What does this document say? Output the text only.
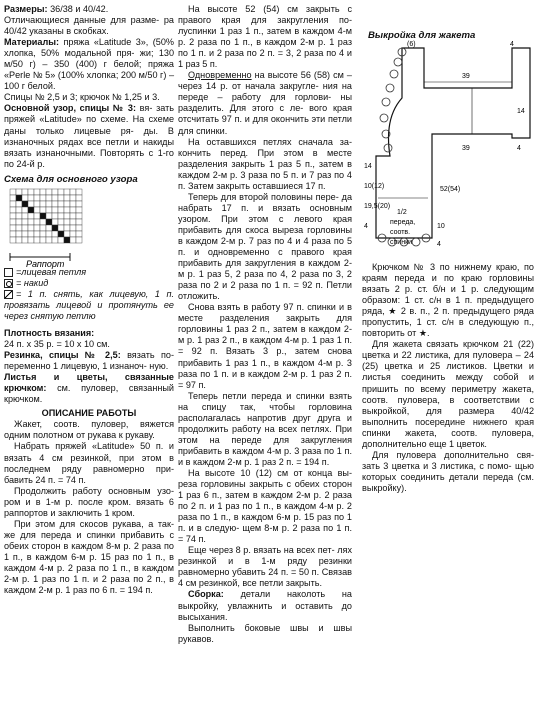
Размеры: 36/38 и 40/42.

Отличающиеся данные для разме- ра 40/42 указаны в скобках.

Материалы: пряжа «Latitude 3», (50% хлопка, 50% модальной пря- жи; 130 м/50 г) – 350 (400) г белой; пряжа «Perle № 5» (100% хлопка; 200 м/50 г) – 100 г белой.

Спицы № 2,5 и 3; крючок № 1,25 и 3.

Основной узор, спицы № 3: вя- зать пряжей «Latitude» по схеме. На схеме даны только лицевые ря- ды. В изнаночных рядах все петли и накиды вязать изнаночными. Повторять с 1-го по 24-й р.

Схема для основного узора
Раппорт
=лицевая петля
= накид

= 1 п. снять, как лицевую, 1 п. провязать лицевой и протянуть ее через снятую петлю

Плотность вязания:

24 п. х 35 р. = 10 х 10 см.

Резинка, спицы № 2,5: вязать по- переменно 1 лицевую, 1 изнаноч- ную.

Листья и цветы, связанные крючком: см. пуловер, связанный крючком.

ОПИСАНИЕ РАБОТЫ

Жакет, соотв. пуловер, вяжется одним полотном от рукава к рукаву.

Набрать пряжей «Latitude» 50 п. и вязать 4 см резинкой, при этом в последнем ряду равномерно при- бавить 24 п. = 74 п.

Продолжить работу основным узо- ром и в 1-м р. после кром. вязать 6 раппортов и заключить 1 кром.

При этом для скосов рукава, а так- же для переда и спинки прибавить с обеих сторон в каждом 8-м р. 2 раза по 1 п., в каждом 6-м р. 15 раз по 1 п., в каждом 4-м р. 2 раза по 1 п., в каждом 2-м р. 1 раз по 1 п. и 2 раза по 2 п., в каждом 2-м р. 1 раз по 6 п. = 194 п.

На высоте 52 (54) см закрыть с правого края для закругления по- луспинки 1 раз 1 п., затем в каждом 4-м р. 2 раза по 1 п., в каждом 2-м р. 1 раз по 1 п. и 2 раза по 2 п. = 3, 2 раза по 4 и 1 раз 5 п.

Одновременно на высоте 56 (58) см – через 14 р. от начала закругле- ния на переде – работу для горлови- ны разделить. Для этого с ле- вого края отсчитать 97 п. и для окончить эти петли для спинки.

На оставшихся петлях сначала за- кончить перед. При этом в месте разделения закрыть 1 раз 5 п., затем в каждом 2-м р. 3 раза по 5 п. и 7 раз по 4 п. Затем закрыть оставшиеся 17 п.

Теперь для второй половины пере- да набрать 17 п. и вязать основным узором. При этом с левого края прибавить для скоса выреза горловины в каждом 2-м р. 7 раз по 4 и 4 раза по 5 п. и одновременно с правого края прибавить для закругления в каждом 2-м р. 1 раз 5, 2 раза по 4, 2 раза по 3, 2 раза по 2 и 2 раза по 1 п. = 92 п. Петли отложить.

Снова взять в работу 97 п. спинки и в месте разделения закрыть для горловины 1 раз 2 п., затем в каждом 2-м р. 1 раз 2 п., в каждом 4-м р. 1 раз 1 п. = 92 п. Вязать 3 р., затем снова прибавить 1 раз 1 п., в каждом 4-м р. 3 раза по 1 п. и в каждом 2-м р. 1 раз 2 п. = 97 п.

Теперь петли переда и спинки взять на спицу так, чтобы горловина располагалась напротив друг друга и продолжить работу на всех петлях. При этом на переде для закругления прибавить в каждом 4-м р. 3 раза по 1 п. и в каждом 2-м р. 1 раз 2 п. = 194 п.

На высоте 10 (12) см от конца вы- реза горловины закрыть с обеих сторон 1 раз 6 п., затем в каждом 2-м р. 2 раза по 2 п. и 1 раз по 1 п., в каждом 4-м р. 2 раза по 1 п., в каждом 6-м р. 15 раз по 1 п. и в следую- щем 8-м р. 2 раза по 1 п. = 74 п.

Еще через 8 р. вязать на всех пет- лях резинкой и в 1-м ряду резинки равномерно убавить 24 п. = 50 п. Связав 4 см резинкой, все петли закрыть.

Сборка: детали наколоть на выкройку, увлажнить и оставить до высыхания.

Выполнить боковые швы и швы рукавов.

Выкройка для жакета
(6)	4
39
14
39	4
52(54)
1/2
переда,
соотв.
спинки
14
10(12)
19,5(20)
4	10
4

Крючком № 3 по нижнему краю, по краям переда и по краю горловины вязать 2 р. ст. б/н и 1 р. следующим образом: 1 ст. с/н в 1 п. предыдущего ряда, ★ 2 в. п., 2 п. предыдущего ряда пропустить, 1 ст. с/н в следующую п., повторить от ★.

Для жакета связать крючком 21 (22) цветка и 22 листика, для пуловера – 24 (25) цветка и 25 листиков. Цветки и листья соединить между собой и пришить по всему периметру жакета, соотв. пуловера, в соответствии с выкройкой, для размера 40/42 выполнить посередине нижнего края спинки жакета, соотв. пуловера, дополнительно еще 1 цветок.

Для пуловера дополнительно свя- зать 3 цветка и 3 листика, с помо- щью которых соединить детали переда (см. выкройку).
